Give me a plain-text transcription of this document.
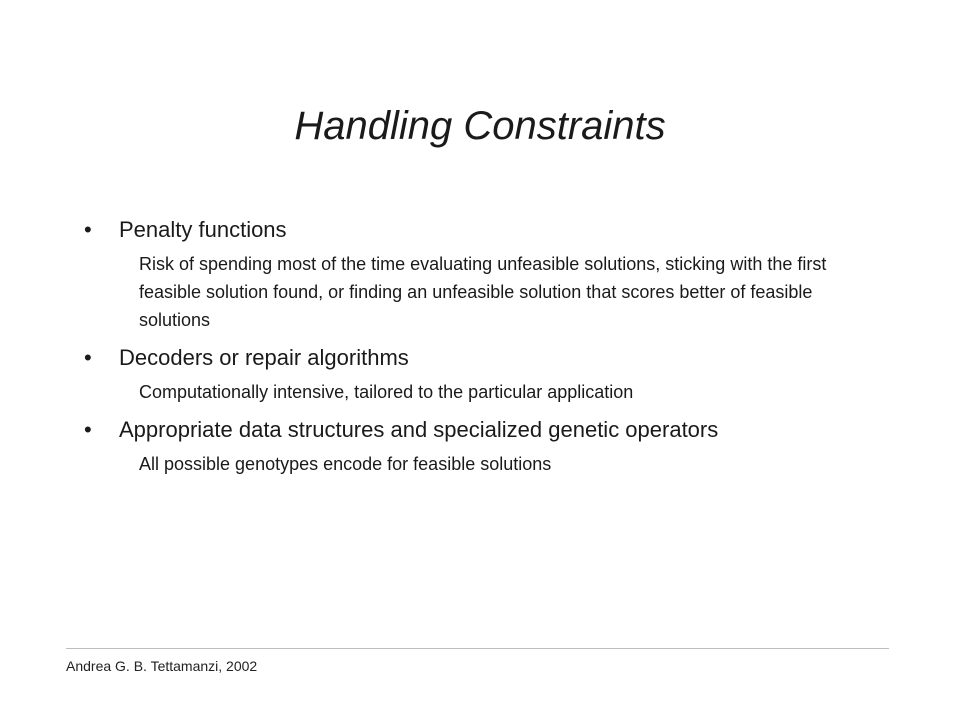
Handling Constraints
• Penalty functions
Risk of spending most of the time evaluating unfeasible solutions, sticking with the first feasible solution found, or finding an unfeasible solution that scores better of feasible solutions
• Decoders or repair algorithms
Computationally intensive, tailored to the particular application
• Appropriate data structures and specialized genetic operators
All possible genotypes encode for feasible solutions
Andrea G. B. Tettamanzi, 2002
